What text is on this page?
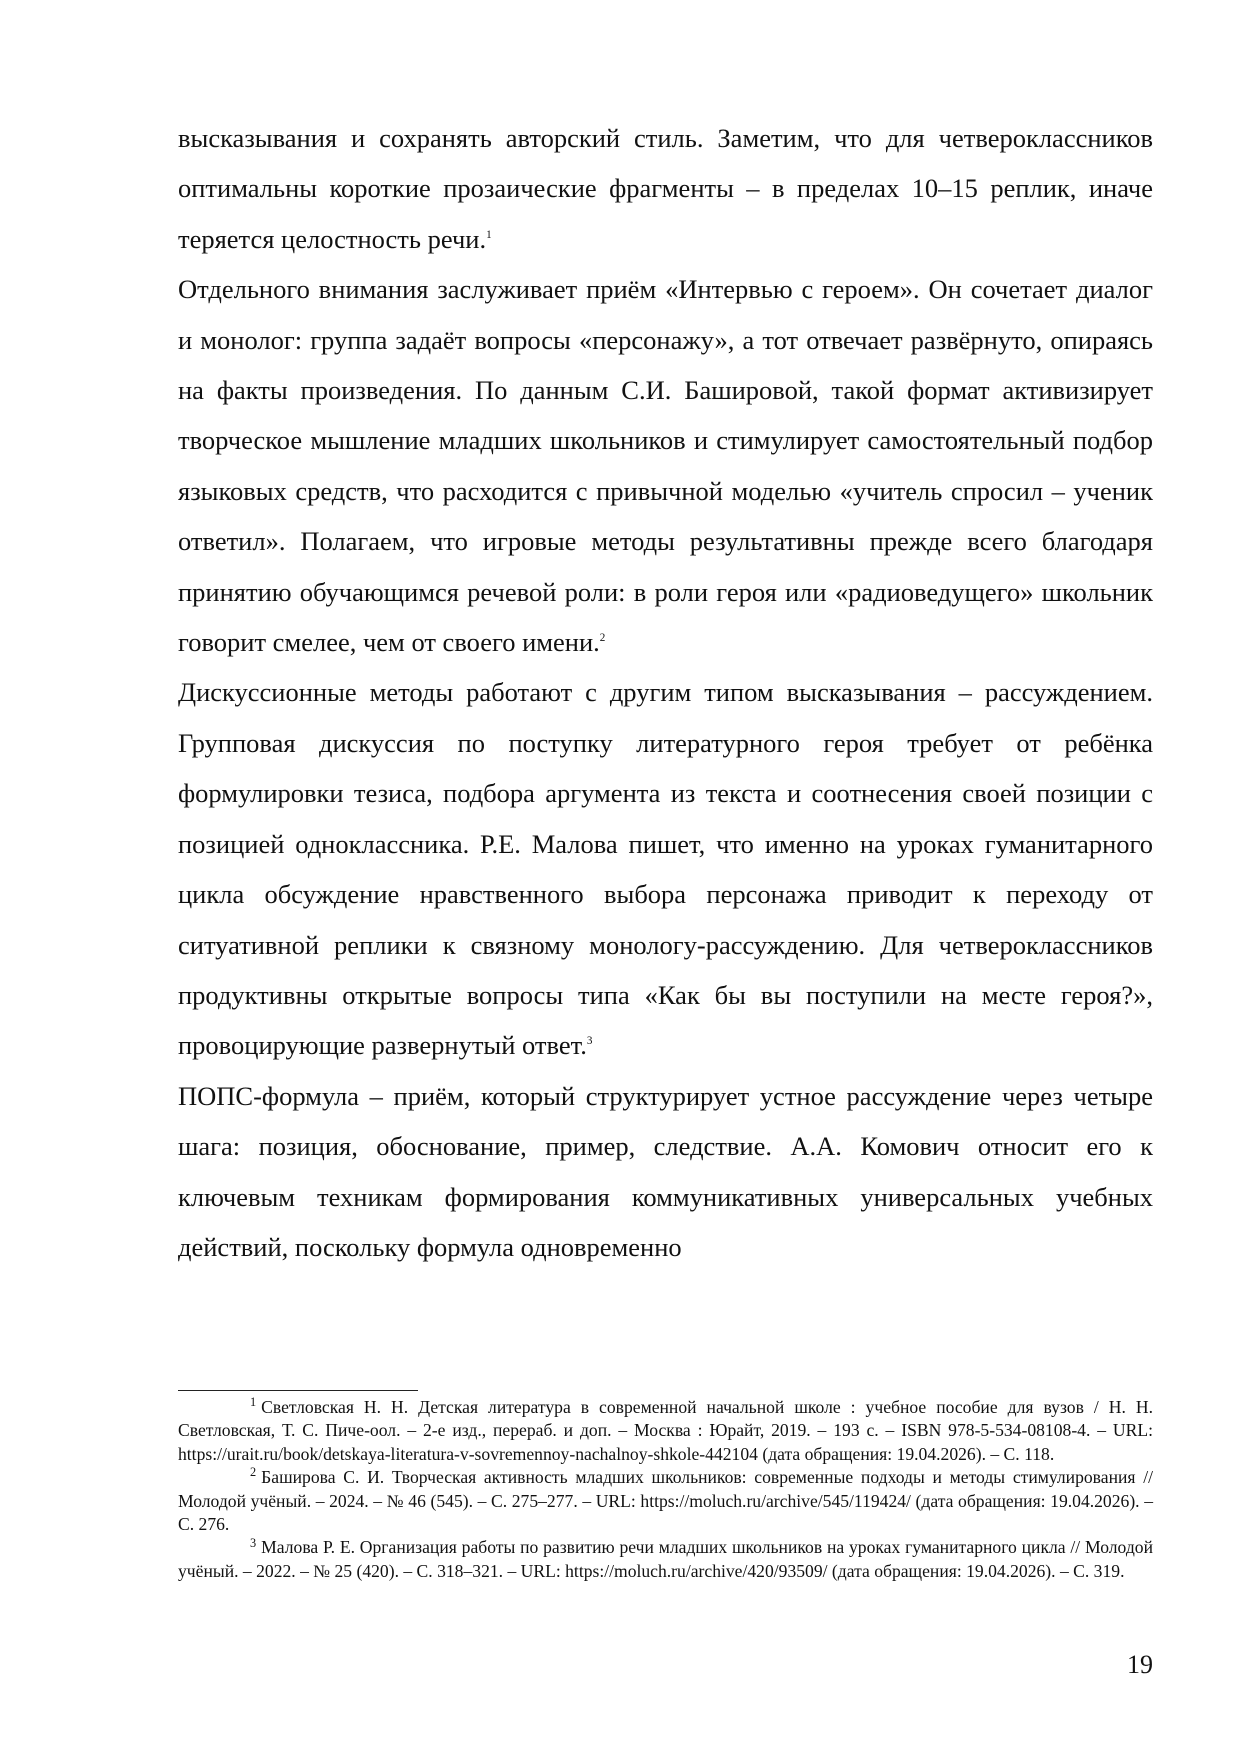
высказывания и сохранять авторский стиль. Заметим, что для четвероклассников оптимальны короткие прозаические фрагменты – в пределах 10–15 реплик, иначе теряется целостность речи.$^1$

Отдельного внимания заслуживает приём «Интервью с героем». Он сочетает диалог и монолог: группа задаёт вопросы «персонажу», а тот отвечает развёрнуто, опираясь на факты произведения. По данным С.И. Башировой, такой формат активизирует творческое мышление младших школьников и стимулирует самостоятельный подбор языковых средств, что расходится с привычной моделью «учитель спросил – ученик ответил». Полагаем, что игровые методы результативны прежде всего благодаря принятию обучающимся речевой роли: в роли героя или «радиоведущего» школьник говорит смелее, чем от своего имени.$^2$

Дискуссионные методы работают с другим типом высказывания – рассуждением. Групповая дискуссия по поступку литературного героя требует от ребёнка формулировки тезиса, подбора аргумента из текста и соотнесения своей позиции с позицией одноклассника. Р.Е. Малова пишет, что именно на уроках гуманитарного цикла обсуждение нравственного выбора персонажа приводит к переходу от ситуативной реплики к связному монологу-рассуждению. Для четвероклассников продуктивны открытые вопросы типа «Как бы вы поступили на месте героя?», провоцирующие развернутый ответ.$^3$

ПОПС-формула – приём, который структурирует устное рассуждение через четыре шага: позиция, обоснование, пример, следствие. А.А. Комович относит его к ключевым техникам формирования коммуникативных универсальных учебных действий, поскольку формула одновременно

$^1$ Светловская Н. Н. Детская литература в современной начальной школе : учебное пособие для вузов / Н. Н. Светловская, Т. С. Пиче-оол. – 2-е изд., перераб. и доп. – Москва : Юрайт, 2019. – 193 с. – ISBN 978-5-534-08108-4. – URL: https://urait.ru/book/detskaya-literatura-v-sovremennoy-nachalnoy-shkole-442104 (дата обращения: 19.04.2026). – С. 118.

$^2$ Баширова С. И. Творческая активность младших школьников: современные подходы и методы стимулирования // Молодой учёный. – 2024. – № 46 (545). – С. 275–277. – URL: https://moluch.ru/archive/545/119424/ (дата обращения: 19.04.2026). – С. 276.

$^3$ Малова Р. Е. Организация работы по развитию речи младших школьников на уроках гуманитарного цикла // Молодой учёный. – 2022. – № 25 (420). – С. 318–321. – URL: https://moluch.ru/archive/420/93509/ (дата обращения: 19.04.2026). – С. 319.

19
